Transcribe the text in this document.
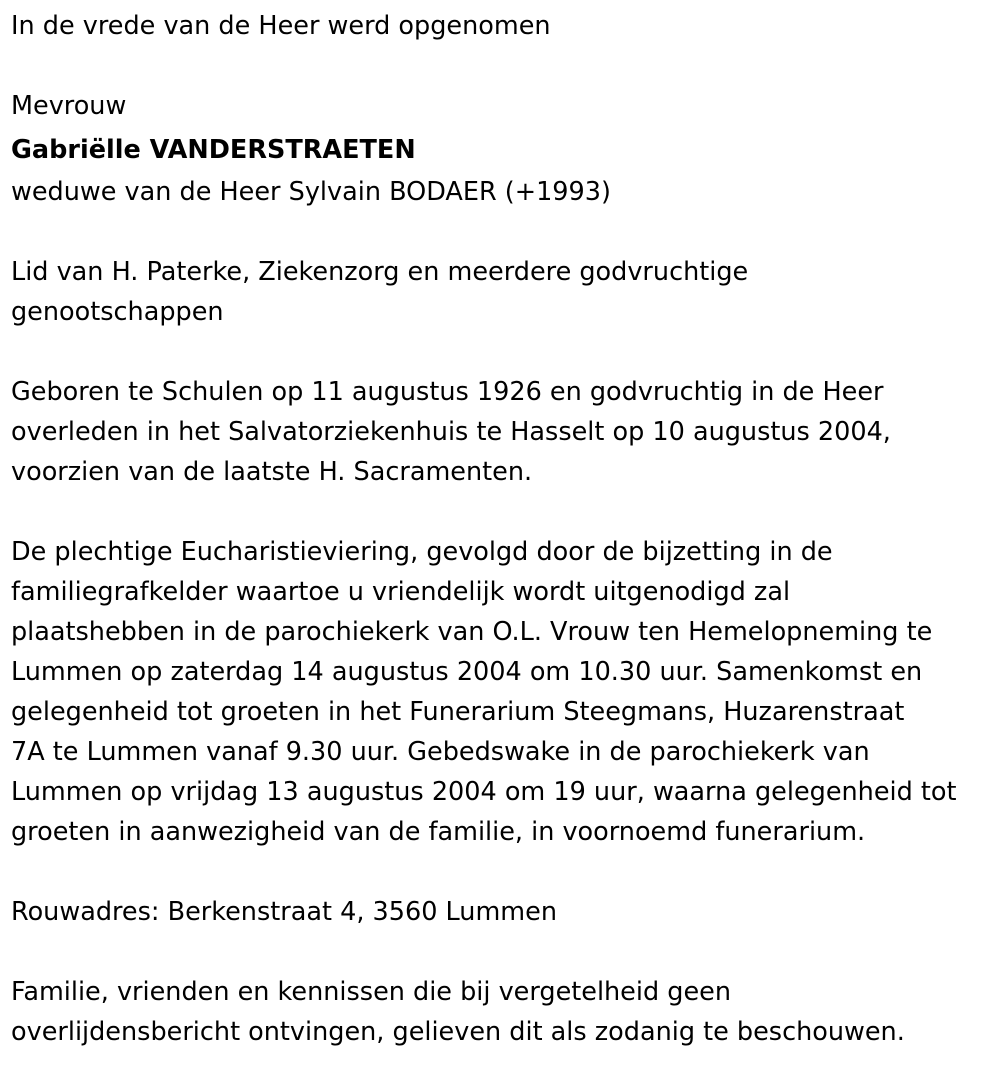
In de vrede van de Heer werd opgenomen
Mevrouw
Gabriëlle VANDERSTRAETEN
weduwe van de Heer Sylvain BODAER (+1993)
Lid van H. Paterke, Ziekenzorg en meerdere godvruchtige
genootschappen
Geboren te Schulen op 11 augustus 1926 en godvruchtig in de Heer
overleden in het Salvatorziekenhuis te Hasselt op 10 augustus 2004,
voorzien van de laatste H. Sacramenten.
De plechtige Eucharistieviering, gevolgd door de bijzetting in de
familiegrafkelder waartoe u vriendelijk wordt uitgenodigd zal
plaatshebben in de parochiekerk van O.L. Vrouw ten Hemelopneming te
Lummen op zaterdag 14 augustus 2004 om 10.30 uur. Samenkomst en
gelegenheid tot groeten in het Funerarium Steegmans, Huzarenstraat
7A te Lummen vanaf 9.30 uur. Gebedswake in de parochiekerk van
Lummen op vrijdag 13 augustus 2004 om 19 uur, waarna gelegenheid tot
groeten in aanwezigheid van de familie, in voornoemd funerarium.
Rouwadres: Berkenstraat 4, 3560 Lummen
Familie, vrienden en kennissen die bij vergetelheid geen
overlijdensbericht ontvingen, gelieven dit als zodanig te beschouwen.
